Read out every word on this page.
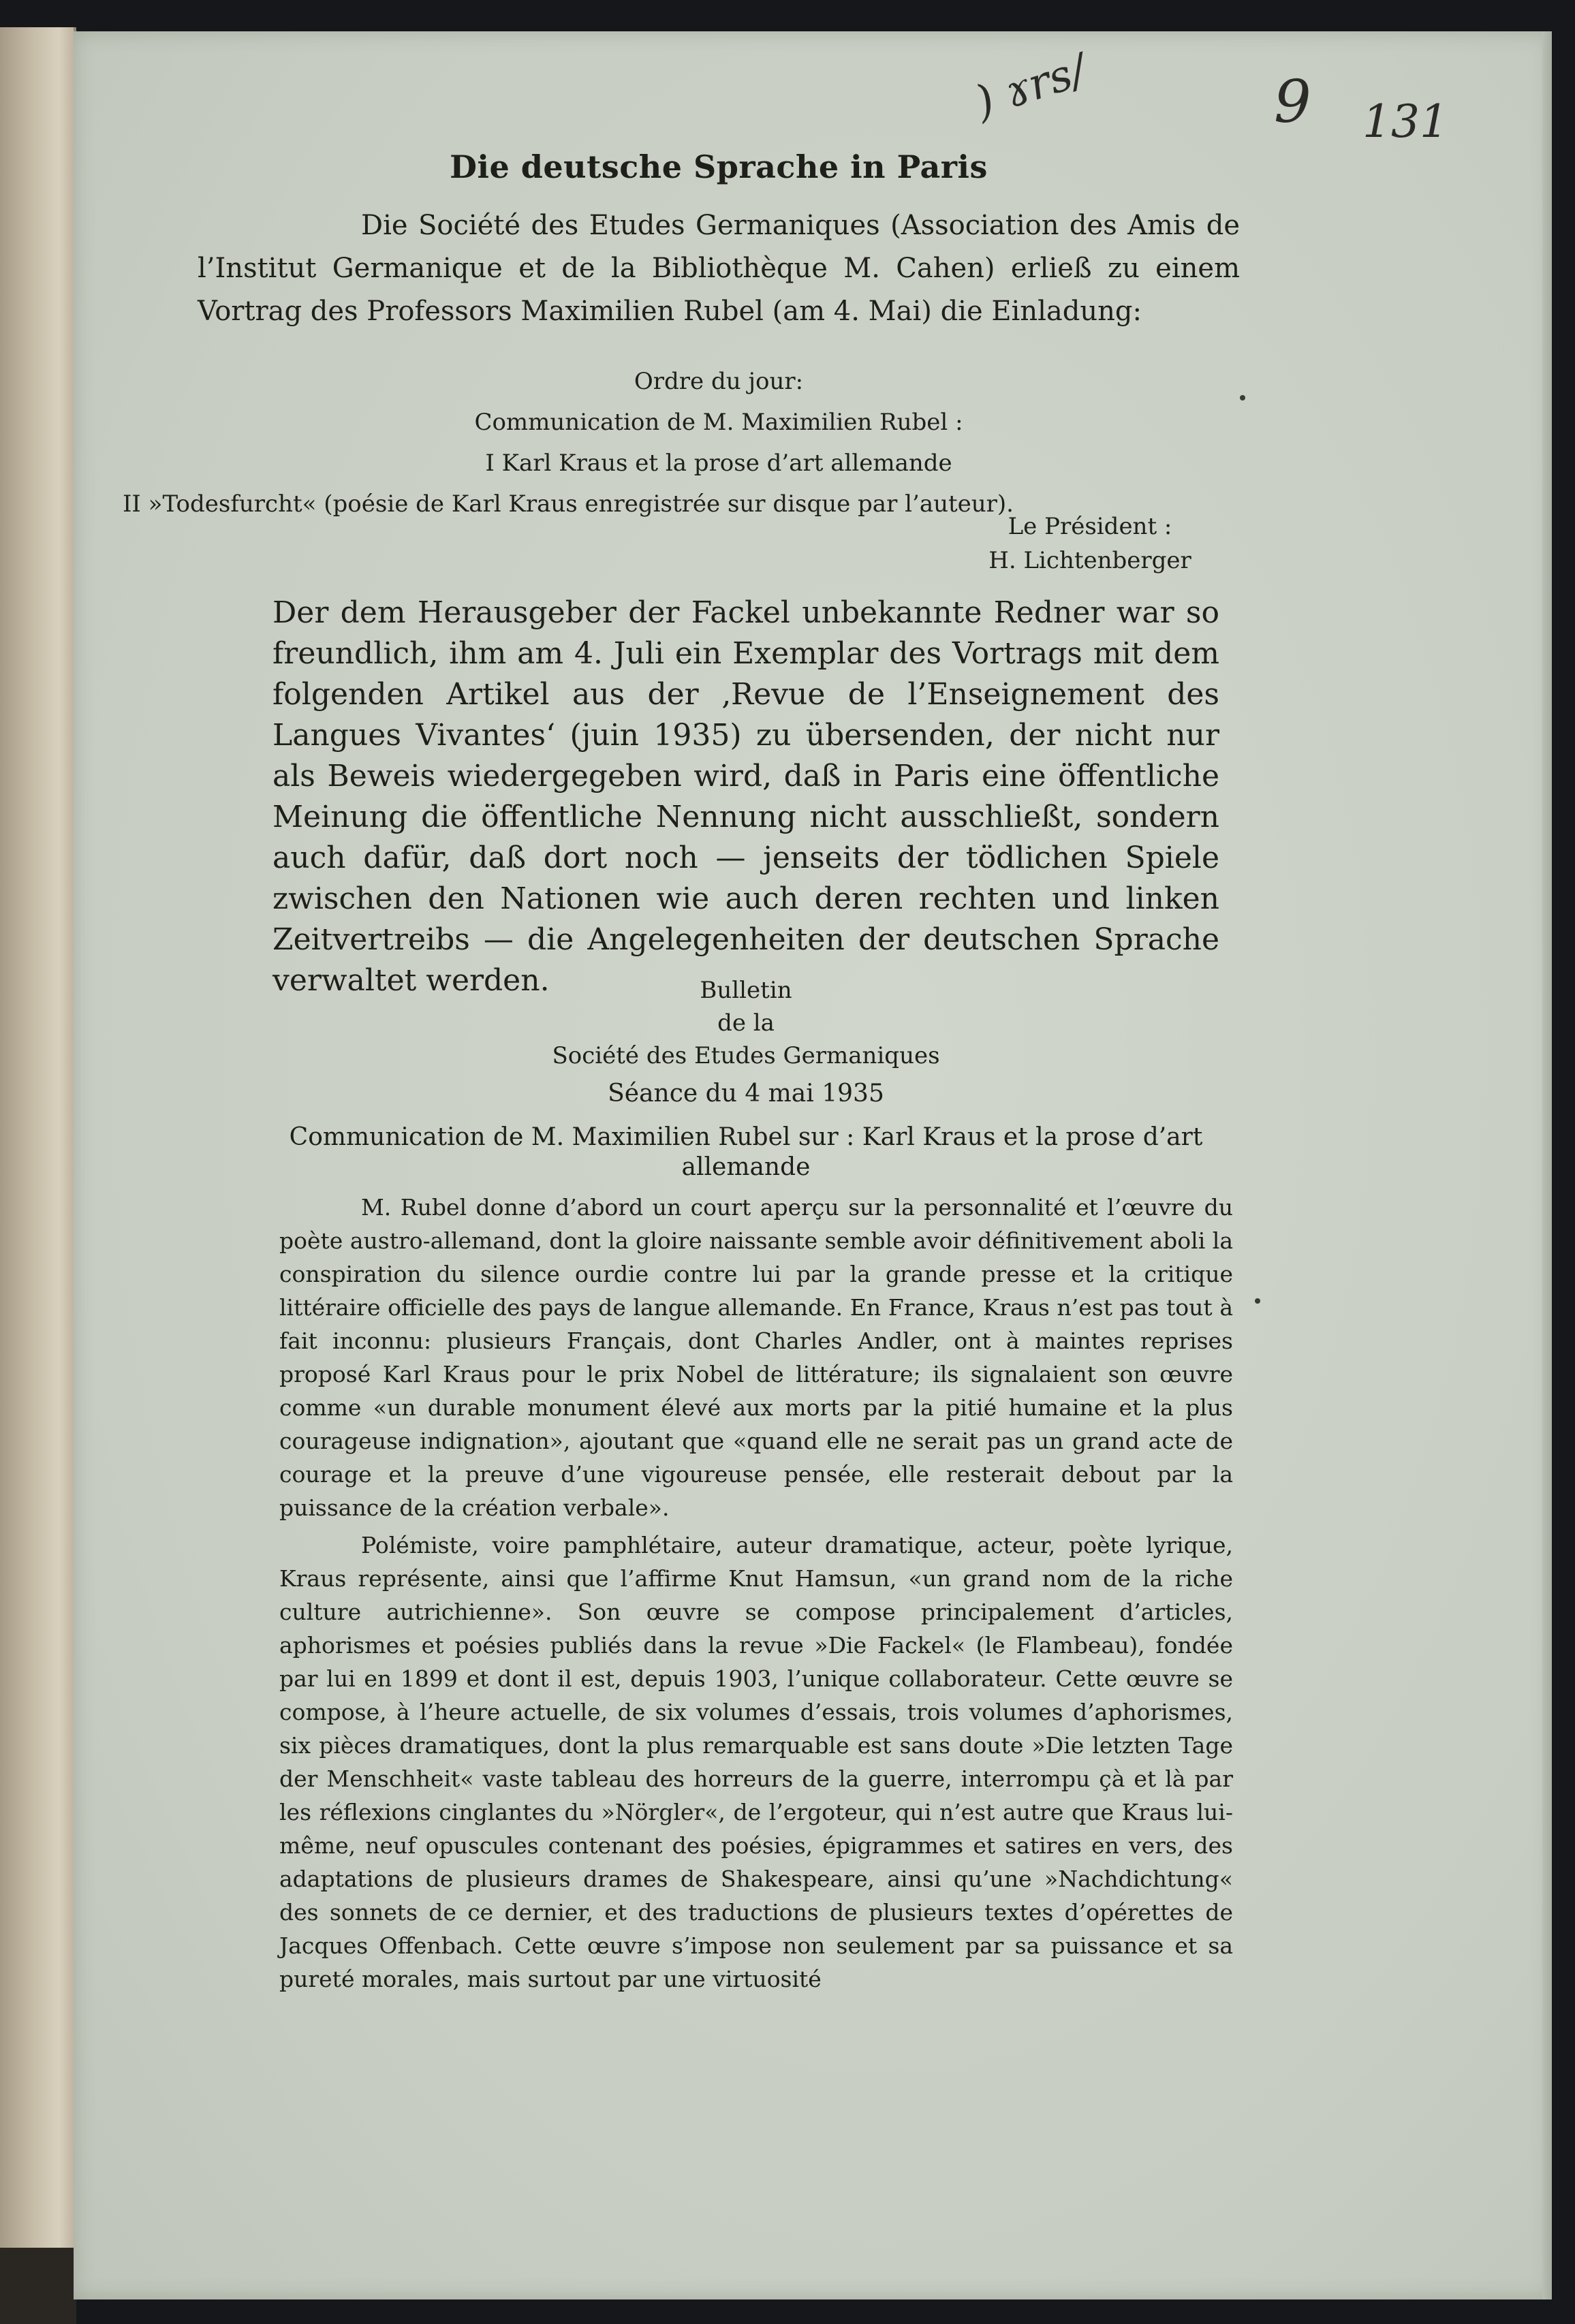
) ɤrs/	9 131
Die deutsche Sprache in Paris
Die Société des Etudes Germaniques (Association des Amis de l’Institut Germanique et de la Bibliothèque M. Cahen) erließ zu einem Vortrag des Professors Maximilien Rubel (am 4. Mai) die Einladung:

Ordre du jour:

Communication de M. Maximilien Rubel :

I Karl Kraus et la prose d’art allemande

II »Todesfurcht« (poésie de Karl Kraus enregistrée sur disque par l’auteur).

Le Président :

H. Lichtenberger

Der dem Herausgeber der Fackel unbekannte Redner war so freundlich, ihm am 4. Juli ein Exemplar des Vortrags mit dem folgenden Artikel aus der ‚Revue de l’Enseignement des Langues Vivantes‘ (juin 1935) zu übersenden, der nicht nur als Beweis wiedergegeben wird, daß in Paris eine öffentliche Meinung die öffentliche Nennung nicht ausschließt, sondern auch dafür, daß dort noch — jenseits der tödlichen Spiele zwischen den Nationen wie auch deren rechten und linken Zeitvertreibs — die Angelegenheiten der deutschen Sprache verwaltet werden.	Bulletin

de la

Société des Etudes Germaniques

Séance du 4 mai 1935

Communication de M. Maximilien Rubel sur : Karl Kraus et la prose d’art allemande

M. Rubel donne d’abord un court aperçu sur la personnalité et l’œuvre du poète austro-allemand, dont la gloire naissante semble avoir définitivement aboli la conspiration du silence ourdie contre lui par la grande presse et la critique littéraire officielle des pays de langue allemande. En France, Kraus n’est pas tout à fait inconnu: plusieurs Français, dont Charles Andler, ont à maintes reprises proposé Karl Kraus pour le prix Nobel de littérature; ils signalaient son œuvre comme «un durable monument élevé aux morts par la pitié humaine et la plus courageuse indignation», ajoutant que «quand elle ne serait pas un grand acte de courage et la preuve d’une vigoureuse pensée, elle resterait debout par la puissance de la création verbale».

Polémiste, voire pamphlétaire, auteur dramatique, acteur, poète lyrique, Kraus représente, ainsi que l’affirme Knut Hamsun, «un grand nom de la riche culture autrichienne». Son œuvre se compose principalement d’articles, aphorismes et poésies publiés dans la revue »Die Fackel« (le Flambeau), fondée par lui en 1899 et dont il est, depuis 1903, l’unique collaborateur. Cette œuvre se compose, à l’heure actuelle, de six volumes d’essais, trois volumes d’aphorismes, six pièces dramatiques, dont la plus remarquable est sans doute »Die letzten Tage der Menschheit« vaste tableau des horreurs de la guerre, interrompu çà et là par les réflexions cinglantes du »Nörgler«, de l’ergoteur, qui n’est autre que Kraus lui-même, neuf opuscules contenant des poésies, épigrammes et satires en vers, des adaptations de plusieurs drames de Shakespeare, ainsi qu’une »Nachdichtung« des sonnets de ce dernier, et des traductions de plusieurs textes d’opérettes de Jacques Offenbach. Cette œuvre s’impose non seulement par sa puissance et sa pureté morales, mais surtout par une virtuosité
